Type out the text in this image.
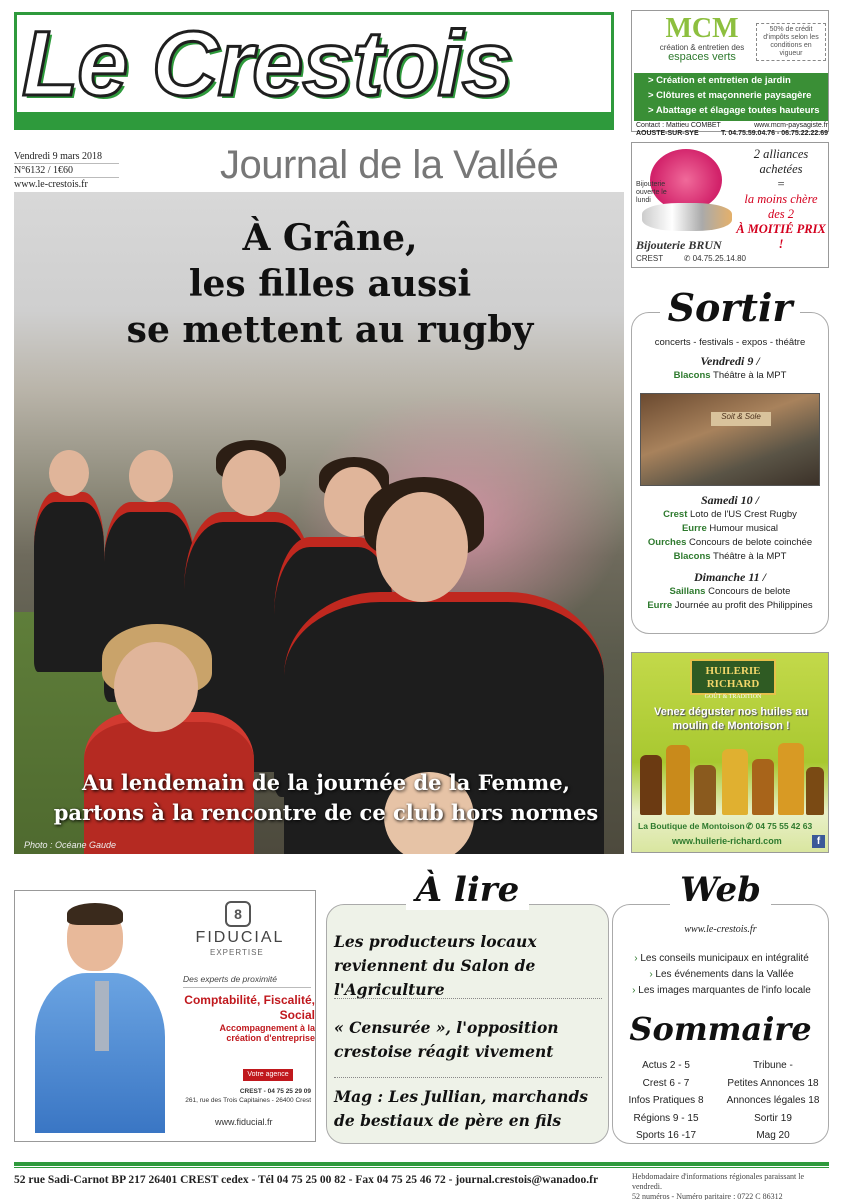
Le Crestois
Vendredi 9 mars 2018
N°6132 / 1€60
www.le-crestois.fr	Journal de la Vallée
À Grâne,
les filles aussi
se mettent au rugby
Au lendemain de la journée de la Femme,
partons à la rencontre de ce club hors normes
Photo : Océane Gaude
MCM
création & entretien des
espaces verts
50% de crédit d'impôts selon les conditions en vigueur
> Création et entretien de jardin
> Clôtures et maçonnerie paysagère
> Abattage et élagage toutes hauteurs
Contact : Mattieu COMBET	www.mcm-paysagiste.fr
AOUSTE-SUR-SYE	T. 04.75.59.04.76 - 06.75.22.22.69
Bijouterie ouverte le lundi
Bijouterie BRUN
CREST	✆ 04.75.25.14.80
2 alliances achetées
=
la moins chère des 2
À MOITIÉ PRIX !
concerts - festivals - expos - théâtre
Vendredi 9 /
Blacons Théâtre à la MPT
Samedi 10 /
Crest Loto de l'US Crest Rugby
Eurre Humour musical
Ourches Concours de belote coinchée
Blacons Théâtre à la MPT
Dimanche 11 /
Saillans Concours de belote
Eurre Journée au profit des Philippines
Sortir
Soit & Sole
HUILERIE RICHARD
GOÛT & TRADITION
Venez déguster nos huiles au moulin de Montoison !
La Boutique de Montoison ✆ 04 75 55 42 63
www.huilerie-richard.com	f
8
FIDUCIAL
EXPERTISE
Des experts de proximité
Comptabilité, Fiscalité, Social
Accompagnement à la création d'entreprise
Votre agence
CREST - 04 75 25 29 09
261, rue des Trois Capitaines - 26400 Crest
www.fiducial.fr
À lire
Les producteurs locaux reviennent du Salon de l'Agriculture
« Censurée », l'opposition crestoise réagit vivement
Mag : Les Jullian, marchands de bestiaux de père en fils
Web
www.le-crestois.fr
› Les conseils municipaux en intégralité
› Les événements dans la Vallée
› Les images marquantes de l'info locale
Sommaire
Actus 2 - 5
Crest 6 - 7
Infos Pratiques 8
Régions 9 - 15
Sports 16 -17
Tribune -
Petites Annonces 18
Annonces légales 18
Sortir 19
Mag 20
52 rue Sadi-Carnot BP 217 26401 CREST cedex - Tél 04 75 25 00 82 - Fax 04 75 25 46 72 - journal.crestois@wanadoo.fr	Hebdomadaire d'informations régionales paraissant le vendredi.
52 numéros - Numéro paritaire : 0722 C 86312
